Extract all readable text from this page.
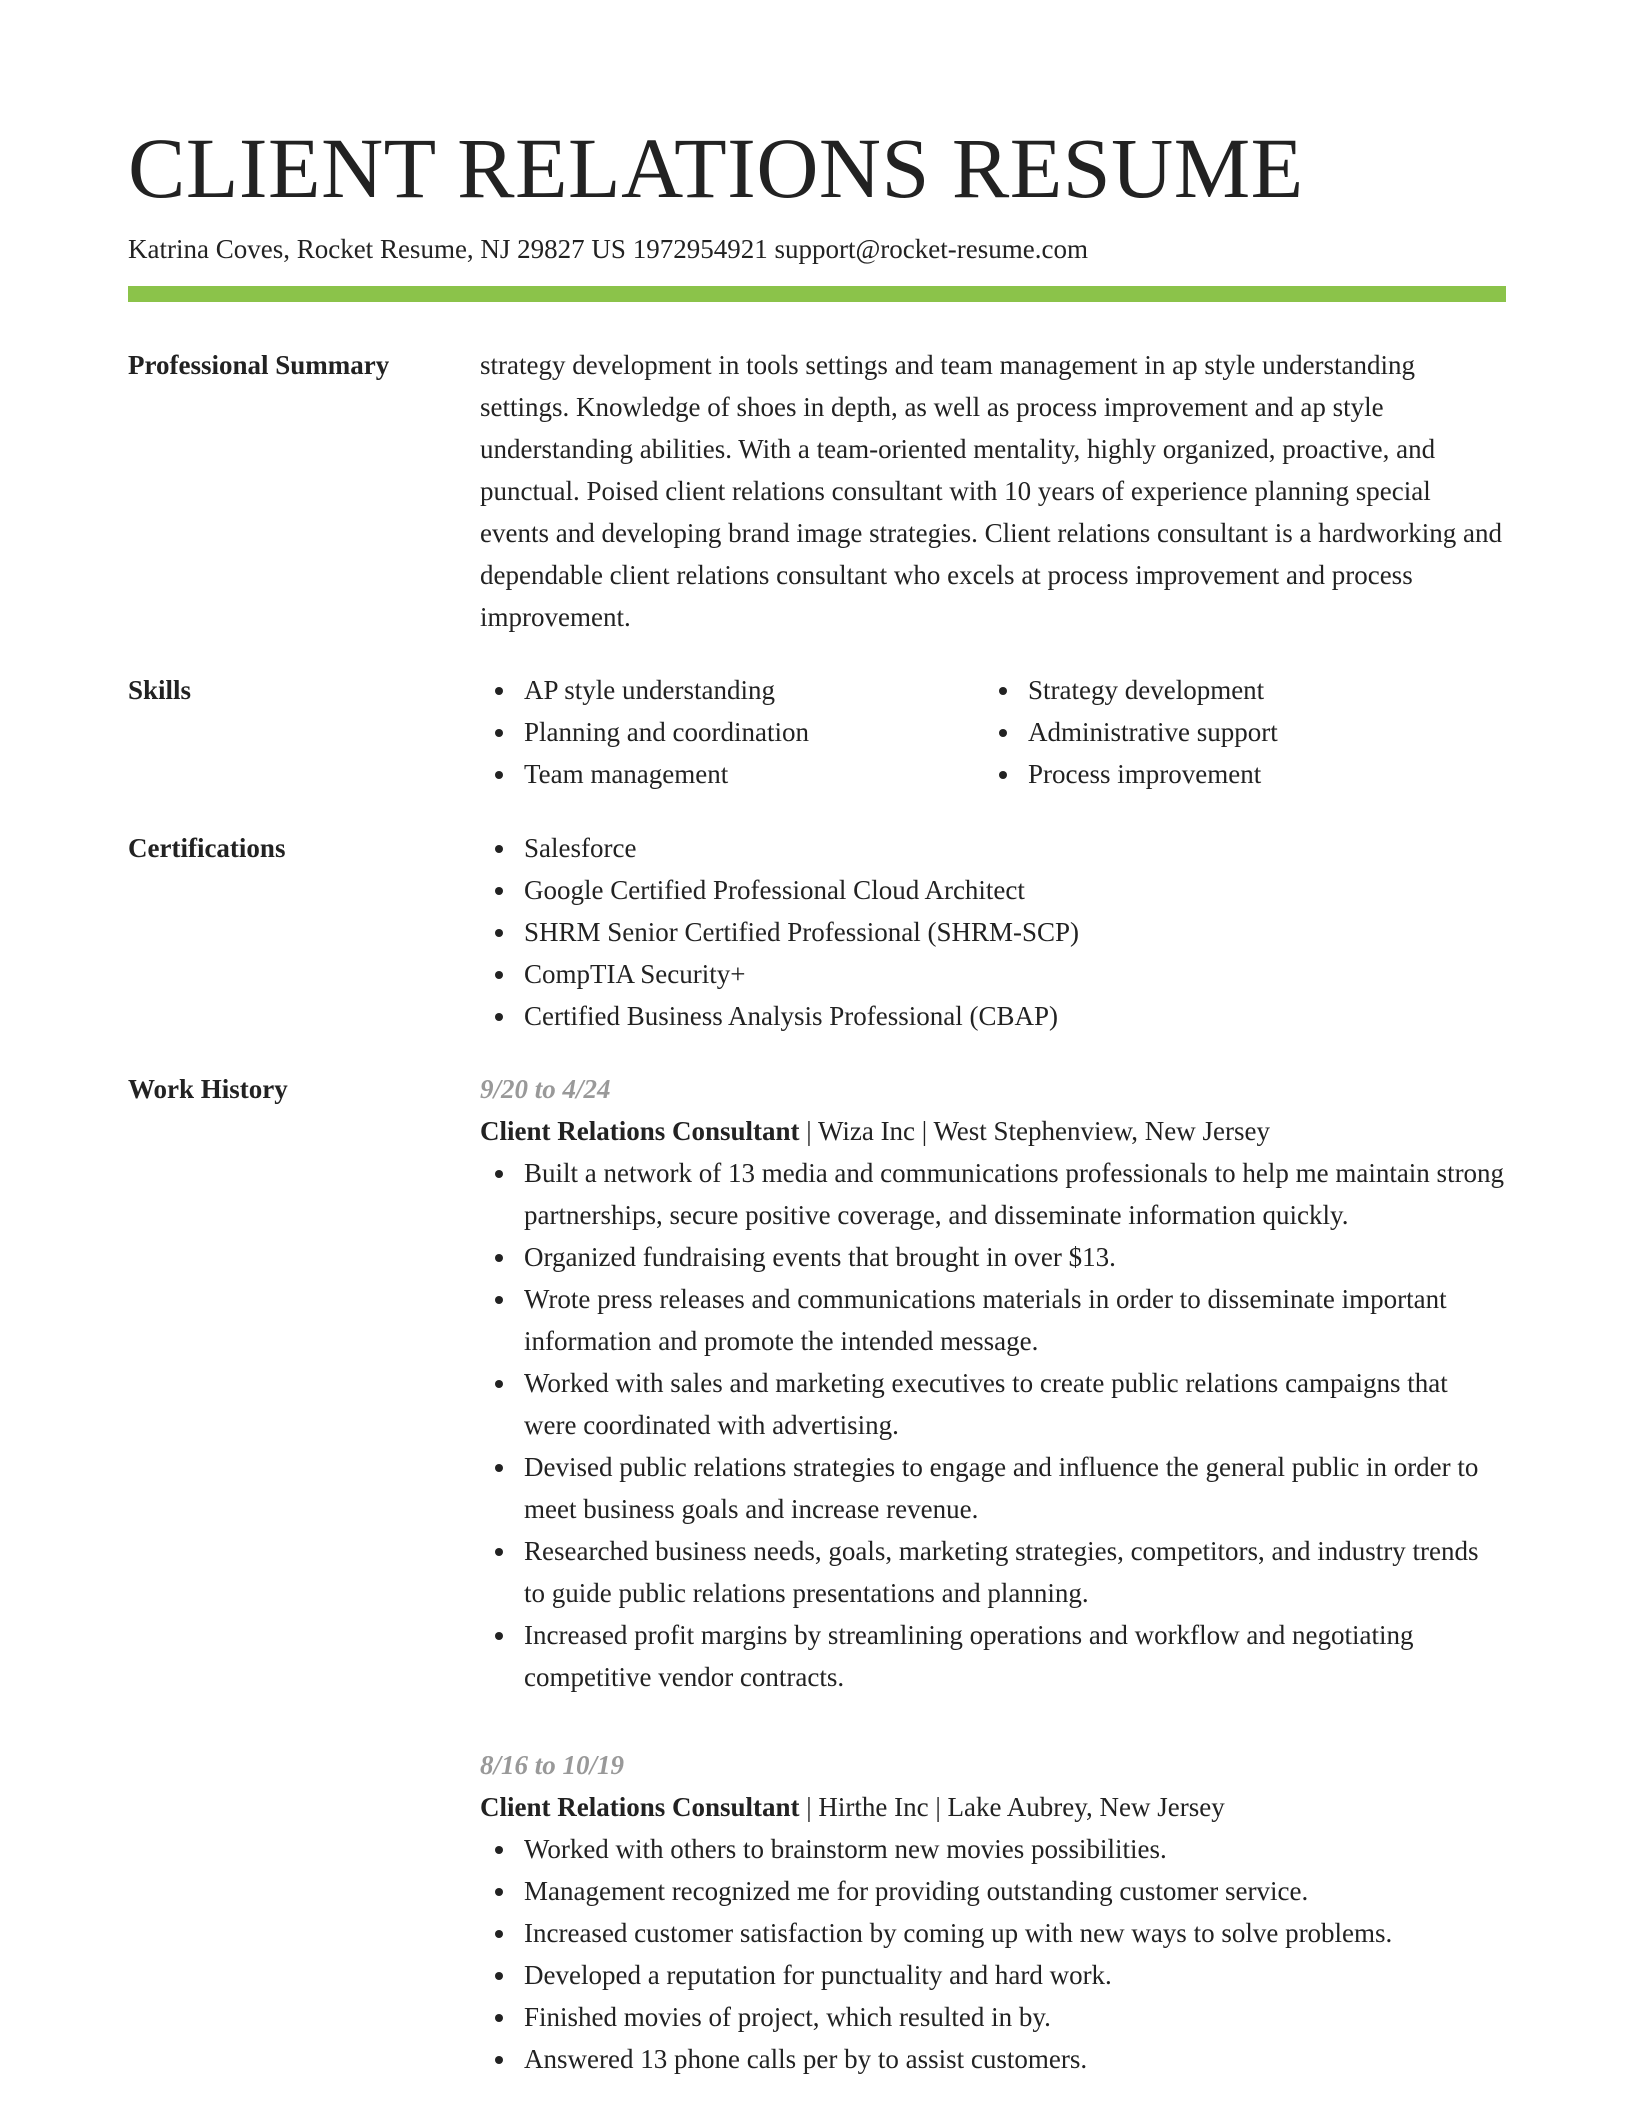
CLIENT RELATIONS RESUME
Katrina Coves, Rocket Resume, NJ 29827 US 1972954921 support@rocket-resume.com
Professional Summary	strategy development in tools settings and team management in ap style understanding settings. Knowledge of shoes in depth, as well as process improvement and ap style understanding abilities. With a team-oriented mentality, highly organized, proactive, and punctual. Poised client relations consultant with 10 years of experience planning special events and developing brand image strategies. Client relations consultant is a hardworking and dependable client relations consultant who excels at process improvement and process improvement.

Skills	AP style understanding
Planning and coordination
Team management
Strategy development
Administrative support
Process improvement
Certifications	Salesforce
Google Certified Professional Cloud Architect
SHRM Senior Certified Professional (SHRM-SCP)
CompTIA Security+
Certified Business Analysis Professional (CBAP)
Work History	9/20 to 4/24
Client Relations Consultant | Wiza Inc | West Stephenview, New Jersey
Built a network of 13 media and communications professionals to help me maintain strong partnerships, secure positive coverage, and disseminate information quickly.
Organized fundraising events that brought in over $13.
Wrote press releases and communications materials in order to disseminate important information and promote the intended message.
Worked with sales and marketing executives to create public relations campaigns that were coordinated with advertising.
Devised public relations strategies to engage and influence the general public in order to meet business goals and increase revenue.
Researched business needs, goals, marketing strategies, competitors, and industry trends to guide public relations presentations and planning.
Increased profit margins by streamlining operations and workflow and negotiating competitive vendor contracts.
8/16 to 10/19
Client Relations Consultant | Hirthe Inc | Lake Aubrey, New Jersey
Worked with others to brainstorm new movies possibilities.
Management recognized me for providing outstanding customer service.
Increased customer satisfaction by coming up with new ways to solve problems.
Developed a reputation for punctuality and hard work.
Finished movies of project, which resulted in by.
Answered 13 phone calls per by to assist customers.
